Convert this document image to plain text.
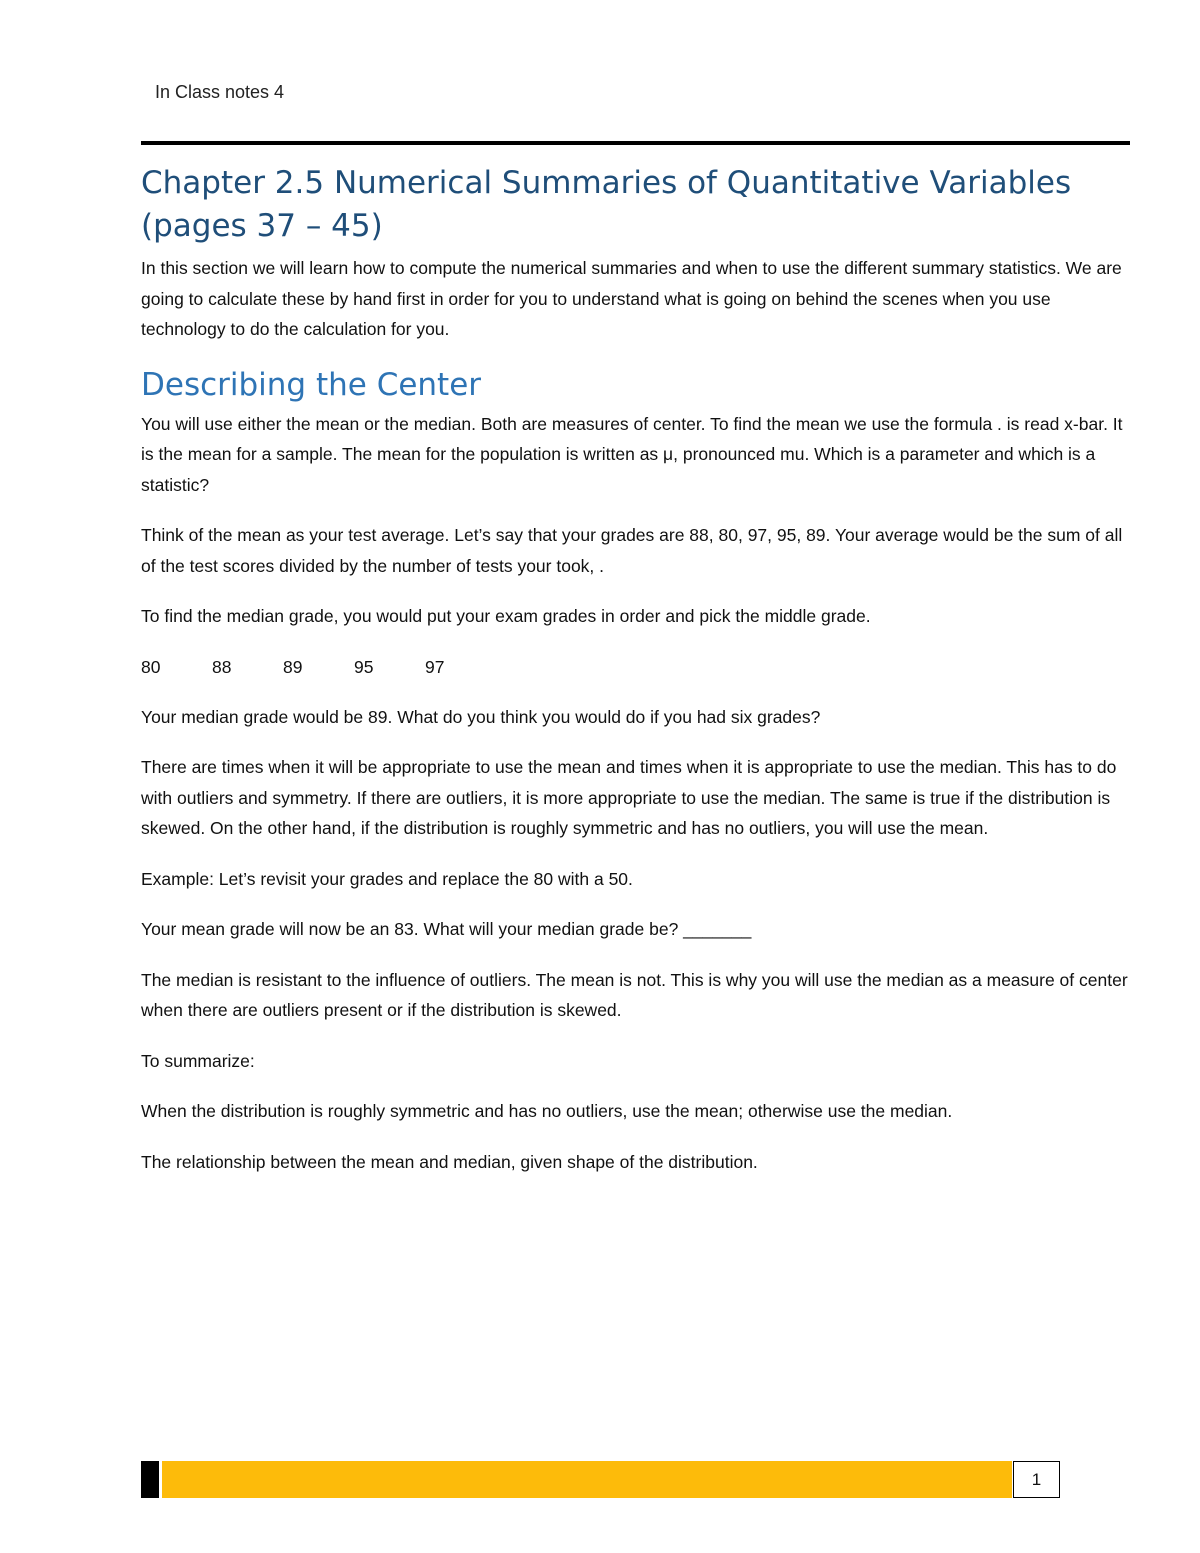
In Class notes 4
Chapter 2.5 Numerical Summaries of Quantitative Variables (pages 37 – 45)

In this section we will learn how to compute the numerical summaries and when to use the different summary statistics. We are going to calculate these by hand first in order for you to understand what is going on behind the scenes when you use technology to do the calculation for you.

Describing the Center

You will use either the mean or the median. Both are measures of center. To find the mean we use the formula . is read x-bar. It is the mean for a sample. The mean for the population is written as μ, pronounced mu. Which is a parameter and which is a statistic?

Think of the mean as your test average. Let’s say that your grades are 88, 80, 97, 95, 89. Your average would be the sum of all of the test scores divided by the number of tests your took, .

To find the median grade, you would put your exam grades in order and pick the middle grade.

80	88	89	95	97

Your median grade would be 89. What do you think you would do if you had six grades?

There are times when it will be appropriate to use the mean and times when it is appropriate to use the median. This has to do with outliers and symmetry. If there are outliers, it is more appropriate to use the median. The same is true if the distribution is skewed. On the other hand, if the distribution is roughly symmetric and has no outliers, you will use the mean.

Example: Let’s revisit your grades and replace the 80 with a 50.

Your mean grade will now be an 83. What will your median grade be? _______

The median is resistant to the influence of outliers. The mean is not. This is why you will use the median as a measure of center when there are outliers present or if the distribution is skewed.

To summarize:

When the distribution is roughly symmetric and has no outliers, use the mean; otherwise use the median.

The relationship between the mean and median, given shape of the distribution.

1
